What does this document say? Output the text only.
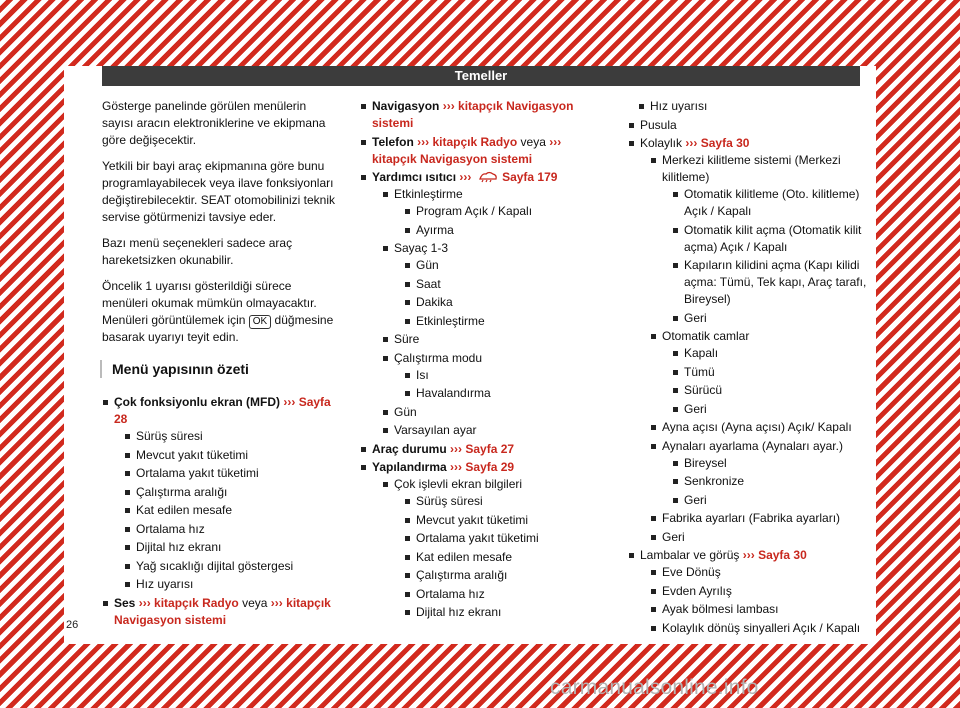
Temeller

Gösterge panelinde görülen menülerin sayısı aracın elektroniklerine ve ekipmana göre değişecektir.

Yetkili bir bayi araç ekipmanına göre bunu programlayabilecek veya ilave fonksiyonları değiştirebilecektir. SEAT otomobilinizi teknik servise götürmenizi tavsiye eder.

Bazı menü seçenekleri sadece araç hareketsizken okunabilir.

Öncelik 1 uyarısı gösterildiği sürece menüleri okumak mümkün olmayacaktır. Menüleri görüntülemek için OK düğmesine basarak uyarıyı teyit edin.

Menü yapısının özeti
Çok fonksiyonlu ekran (MFD) ››› Sayfa 28
Sürüş süresi
Mevcut yakıt tüketimi
Ortalama yakıt tüketimi
Çalıştırma aralığı
Kat edilen mesafe
Ortalama hız
Dijital hız ekranı
Yağ sıcaklığı dijital göstergesi
Hız uyarısı
Ses ››› kitapçık Radyo veya ››› kitapçık Navigasyon sistemi
Navigasyon ››› kitapçık Navigasyon sistemi
Telefon ››› kitapçık Radyo veya ››› kitapçık Navigasyon sistemi
Yardımcı ısıtıcı ›››	Sayfa 179
Etkinleştirme
Program Açık / Kapalı
Ayırma
Sayaç 1-3
Gün
Saat
Dakika
Etkinleştirme
Süre
Çalıştırma modu
Isı
Havalandırma
Gün
Varsayılan ayar
Araç durumu ››› Sayfa 27
Yapılandırma ››› Sayfa 29
Çok işlevli ekran bilgileri
Sürüş süresi
Mevcut yakıt tüketimi
Ortalama yakıt tüketimi
Kat edilen mesafe
Çalıştırma aralığı
Ortalama hız
Dijital hız ekranı
Hız uyarısı
Pusula
Kolaylık ››› Sayfa 30
Merkezi kilitleme sistemi (Merkezi kilitleme)
Otomatik kilitleme (Oto. kilitleme) Açık / Kapalı
Otomatik kilit açma (Otomatik kilit açma) Açık / Kapalı
Kapıların kilidini açma (Kapı kilidi açma: Tümü, Tek kapı, Araç tarafı, Bireysel)
Geri
Otomatik camlar
Kapalı
Tümü
Sürücü
Geri
Ayna açısı (Ayna açısı) Açık/ Kapalı
Aynaları ayarlama (Aynaları ayar.)
Bireysel
Senkronize
Geri
Fabrika ayarları (Fabrika ayarları)
Geri
Lambalar ve görüş ››› Sayfa 30
Eve Dönüş
Evden Ayrılış
Ayak bölmesi lambası
Kolaylık dönüş sinyalleri Açık / Kapalı
26
carmanualsonline.info
